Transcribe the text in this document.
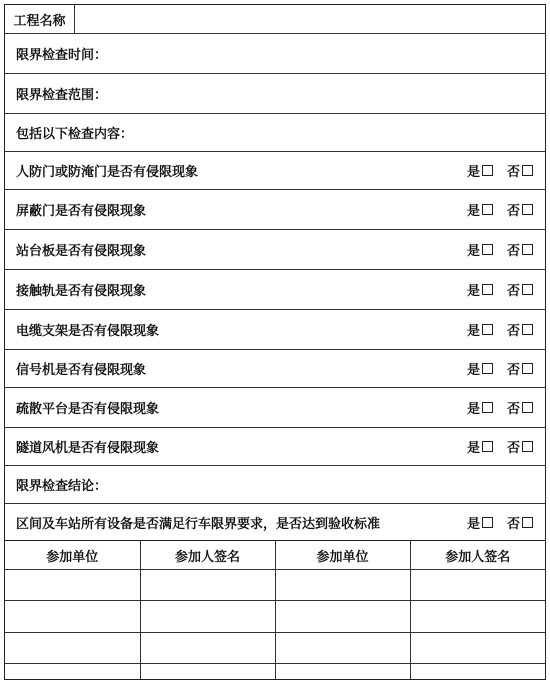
工程名称
限界检查时间：
限界检查范围：
包括以下检查内容：
人防门或防淹门是否有侵限现象	是 否
屏蔽门是否有侵限现象	是 否
站台板是否有侵限现象	是 否
接触轨是否有侵限现象	是 否
电缆支架是否有侵限现象	是 否
信号机是否有侵限现象	是 否
疏散平台是否有侵限现象	是 否
隧道风机是否有侵限现象	是 否
限界检查结论：
区间及车站所有设备是否满足行车限界要求，是否达到验收标准	是 否
参加单位	参加人签名	参加单位	参加人签名
